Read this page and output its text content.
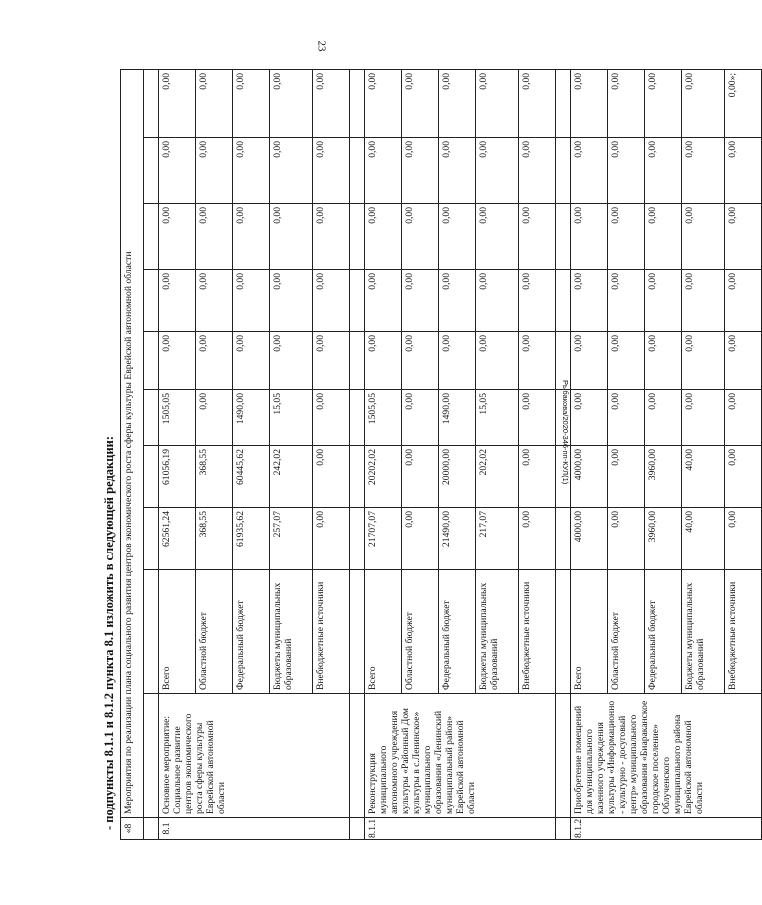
23
Рыбакова/2020-346-пп-КУЛ(1)
- подпункты 8.1.1 и 8.1.2 пункта 8.1 изложить в следующей редакции: «8	Мероприятия по реализации плана социального развития центров экономического роста сферы культуры Еврейской автономной области									

8.1	Основное мероприятие: Социальное развитие центров экономического роста сферы культуры Еврейской автономной области	Всего	62561,24	61056,19	1505,05	0,00	0,00	0,00	0,00	0,00
		Областной бюджет	368,55	368,55	0,00	0,00	0,00	0,00	0,00	0,00
		Федеральный бюджет	61935,62	60445,62	1490,00	0,00	0,00	0,00	0,00	0,00
		Бюджеты муниципальных образований	257,07	242,02	15,05	0,00	0,00	0,00	0,00	0,00
		Внебюджетные источники	0,00	0,00	0,00	0,00	0,00	0,00	0,00	0,00

8.1.1	Реконструкция муниципального автономного учреждения культуры «Районный Дом культуры в с.Ленинское» муниципального образования «Ленинский муниципальный район» Еврейской автономной области	Всего	21707,07	20202,02	1505,05	0,00	0,00	0,00	0,00	0,00
		Областной бюджет	0,00	0,00	0,00	0,00	0,00	0,00	0,00	0,00
		Федеральный бюджет	21490,00	20000,00	1490,00	0,00	0,00	0,00	0,00	0,00
		Бюджеты муниципальных образований	217,07	202,02	15,05	0,00	0,00	0,00	0,00	0,00
		Внебюджетные источники	0,00	0,00	0,00	0,00	0,00	0,00	0,00	0,00

8.1.2	Приобретение помещений для муниципального казенного учреждения культуры «Информационно - культурно - досуговый центр» муниципального образования «Биараканское городское поселение» Облученского муниципального района Еврейской автономной области	Всего	4000,00	4000,00	0,00	0,00	0,00	0,00	0,00	0,00
		Областной бюджет	0,00	0,00	0,00	0,00	0,00	0,00	0,00	0,00
		Федеральный бюджет	3960,00	3960,00	0,00	0,00	0,00	0,00	0,00	0,00
		Бюджеты муниципальных образований	40,00	40,00	0,00	0,00	0,00	0,00	0,00	0,00
		Внебюджетные источники	0,00	0,00	0,00	0,00	0,00	0,00	0,00	0,00»;
